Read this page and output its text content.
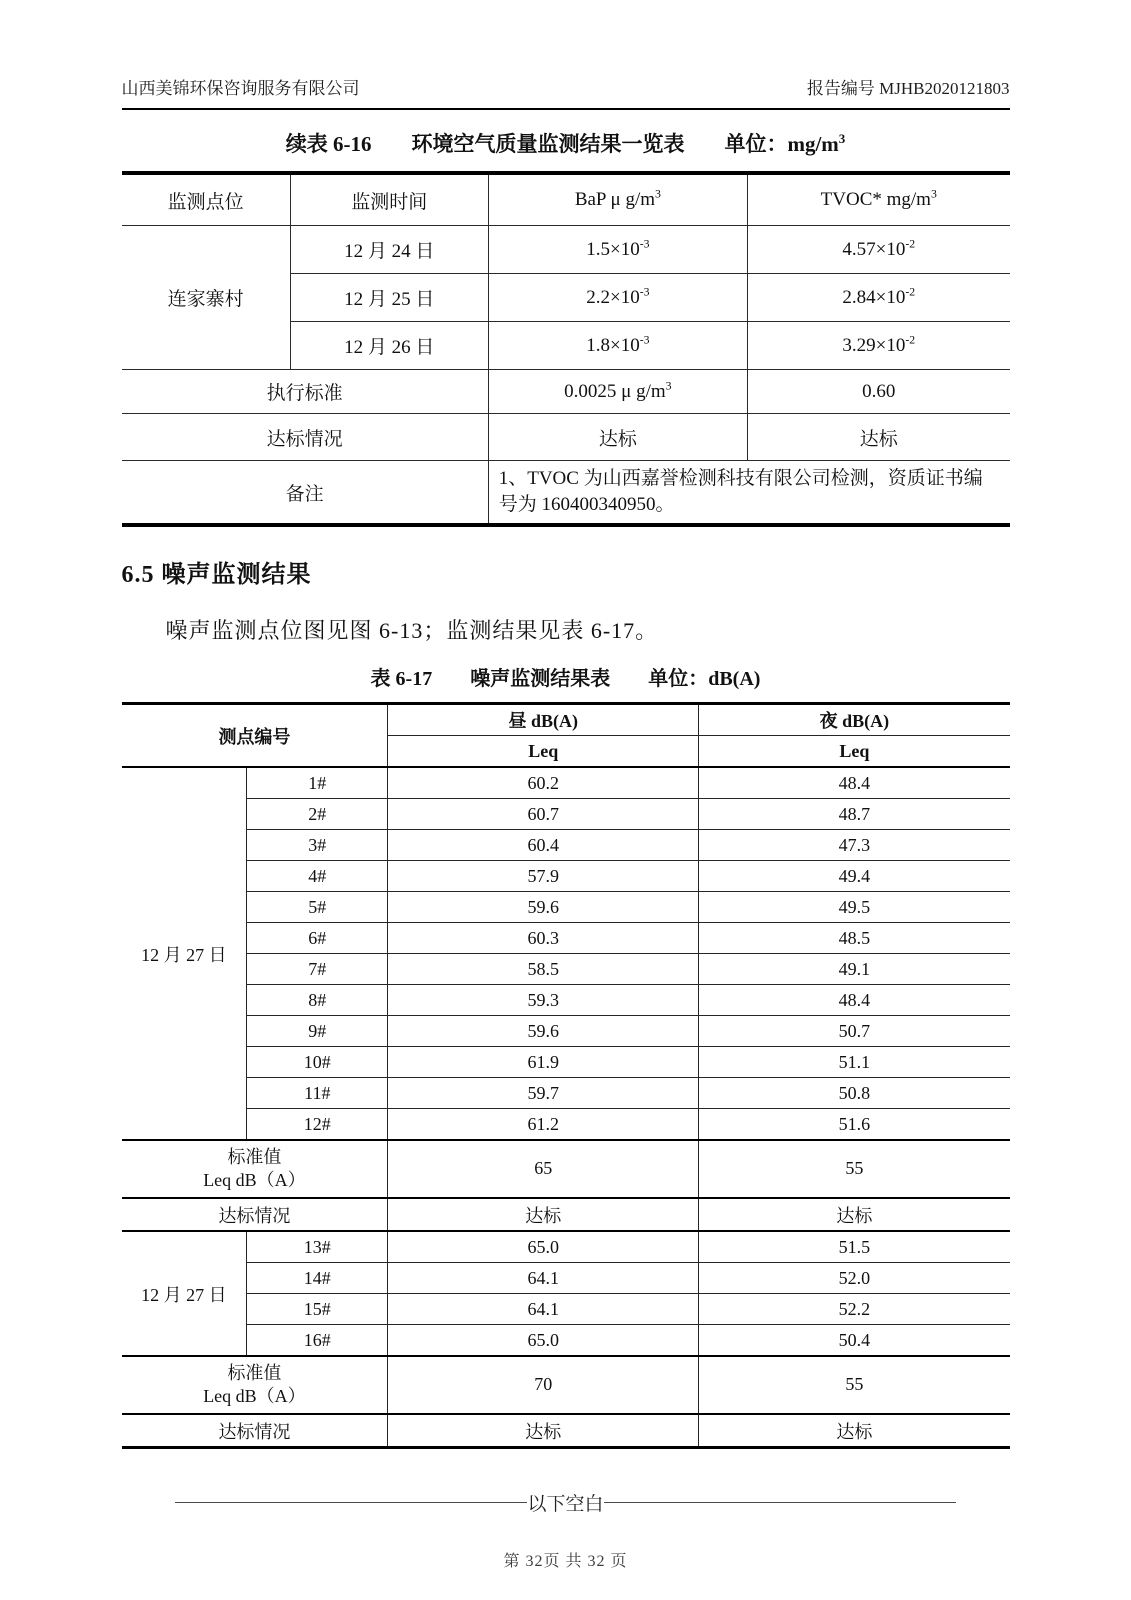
山西美锦环保咨询服务有限公司	报告编号 MJHB2020121803
续表 6-16 环境空气质量监测结果一览表 单位：$mg/m^3$
监测点位	监测时间	BaP μ $g/m^3$	TVOC* $mg/m^3$
连家寨村	12 月 24 日	$1.5\times 10^{-3}$	$4.57\times 10^{-2}$
	12 月 25 日	$2.2\times 10^{-3}$	$2.84\times 10^{-2}$
	12 月 26 日	$1.8\times 10^{-3}$	$3.29\times 10^{-2}$
执行标准		0.0025 μ $g/m^3$	0.60
达标情况		达标	达标
备注		1、TVOC 为山西嘉誉检测科技有限公司检测，资质证书编号为 160400340950。	
6.5 噪声监测结果

噪声监测点位图见图 6-13；监测结果见表 6-17。

表 6-17 噪声监测结果表 单位：dB(A)
测点编号		昼 dB(A)	夜 dB(A)
		Leq	Leq
12 月 27 日	1#	60.2	48.4
	2#	60.7	48.7
	3#	60.4	47.3
	4#	57.9	49.4
	5#	59.6	49.5
	6#	60.3	48.5
	7#	58.5	49.1
	8#	59.3	48.4
	9#	59.6	50.7
	10#	61.9	51.1
	11#	59.7	50.8
	12#	61.2	51.6

标准值
Leq dB（A）		65	55
达标情况		达标	达标
12 月 27 日	13#	65.0	51.5
	14#	64.1	52.0
	15#	64.1	52.2
	16#	65.0	50.4

标准值
Leq dB（A）		70	55
达标情况		达标	达标
以下空白
第 32页 共 32 页
